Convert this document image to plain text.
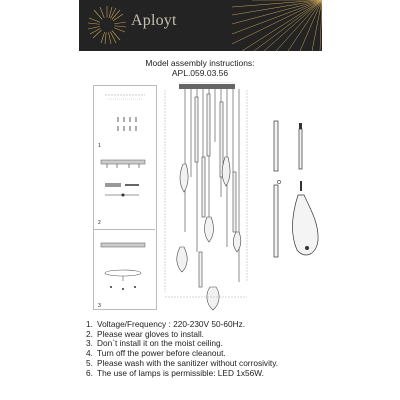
Aployt
Model assembly instructions:
APL.059.03.56
1
2
3
1. Voltage/Frequency : 220-230V 50-60Hz.
2. Please wear gloves to install.
3. Don`t install it on the moist ceiling.
4. Turn off the power before cleanout.
5. Please wash with the sanitizer without corrosivity.
6. The use of lamps is permissible: LED 1x56W.
